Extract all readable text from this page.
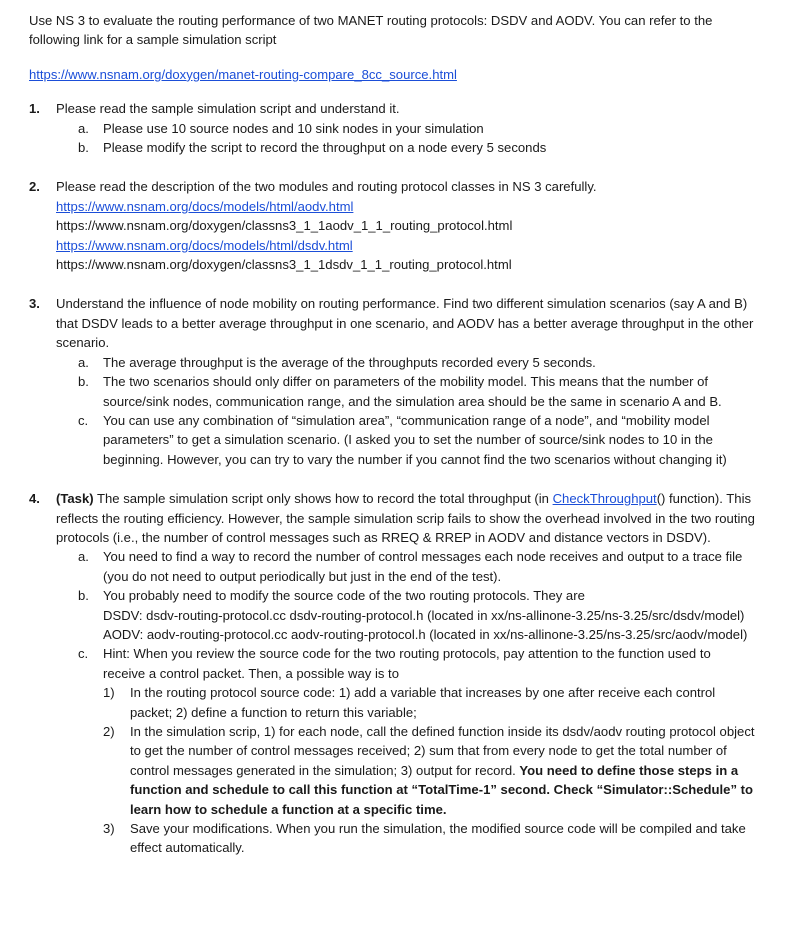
Use NS 3 to evaluate the routing performance of two MANET routing protocols: DSDV and AODV. You can refer to the following link for a sample simulation script

https://www.nsnam.org/doxygen/manet-routing-compare_8cc_source.html

1.	Please read the sample simulation script and understand it.
a.	Please use 10 source nodes and 10 sink nodes in your simulation
b.	Please modify the script to record the throughput on a node every 5 seconds
2.	Please read the description of the two modules and routing protocol classes in NS 3 carefully.
https://www.nsnam.org/docs/models/html/aodv.html
https://www.nsnam.org/doxygen/classns3_1_1aodv_1_1_routing_protocol.html
https://www.nsnam.org/docs/models/html/dsdv.html
https://www.nsnam.org/doxygen/classns3_1_1dsdv_1_1_routing_protocol.html
3.	Understand the influence of node mobility on routing performance. Find two different simulation scenarios (say A and B) that DSDV leads to a better average throughput in one scenario, and AODV has a better average throughput in the other scenario.
a.	The average throughput is the average of the throughputs recorded every 5 seconds.
b.	The two scenarios should only differ on parameters of the mobility model. This means that the number of source/sink nodes, communication range, and the simulation area should be the same in scenario A and B.
c.	You can use any combination of “simulation area”, “communication range of a node”, and “mobility model parameters” to get a simulation scenario. (I asked you to set the number of source/sink nodes to 10 in the beginning. However, you can try to vary the number if you cannot find the two scenarios without changing it)
4.	(Task) The sample simulation script only shows how to record the total throughput (in CheckThroughput() function). This reflects the routing efficiency. However, the sample simulation scrip fails to show the overhead involved in the two routing protocols (i.e., the number of control messages such as RREQ & RREP in AODV and distance vectors in DSDV).
a.	You need to find a way to record the number of control messages each node receives and output to a trace file (you do not need to output periodically but just in the end of the test).
b.	You probably need to modify the source code of the two routing protocols. They are
DSDV: dsdv-routing-protocol.cc dsdv-routing-protocol.h (located in xx/ns-allinone-3.25/ns-3.25/src/dsdv/model)
AODV: aodv-routing-protocol.cc aodv-routing-protocol.h (located in xx/ns-allinone-3.25/ns-3.25/src/aodv/model)
c.	Hint: When you review the source code for the two routing protocols, pay attention to the function used to receive a control packet. Then, a possible way is to
1)	In the routing protocol source code: 1) add a variable that increases by one after receive each control packet; 2) define a function to return this variable;
2)	In the simulation scrip, 1) for each node, call the defined function inside its dsdv/aodv routing protocol object to get the number of control messages received; 2) sum that from every node to get the total number of control messages generated in the simulation; 3) output for record. You need to define those steps in a function and schedule to call this function at “TotalTime-1” second. Check “Simulator::Schedule” to learn how to schedule a function at a specific time.
3)	Save your modifications. When you run the simulation, the modified source code will be compiled and take effect automatically.
